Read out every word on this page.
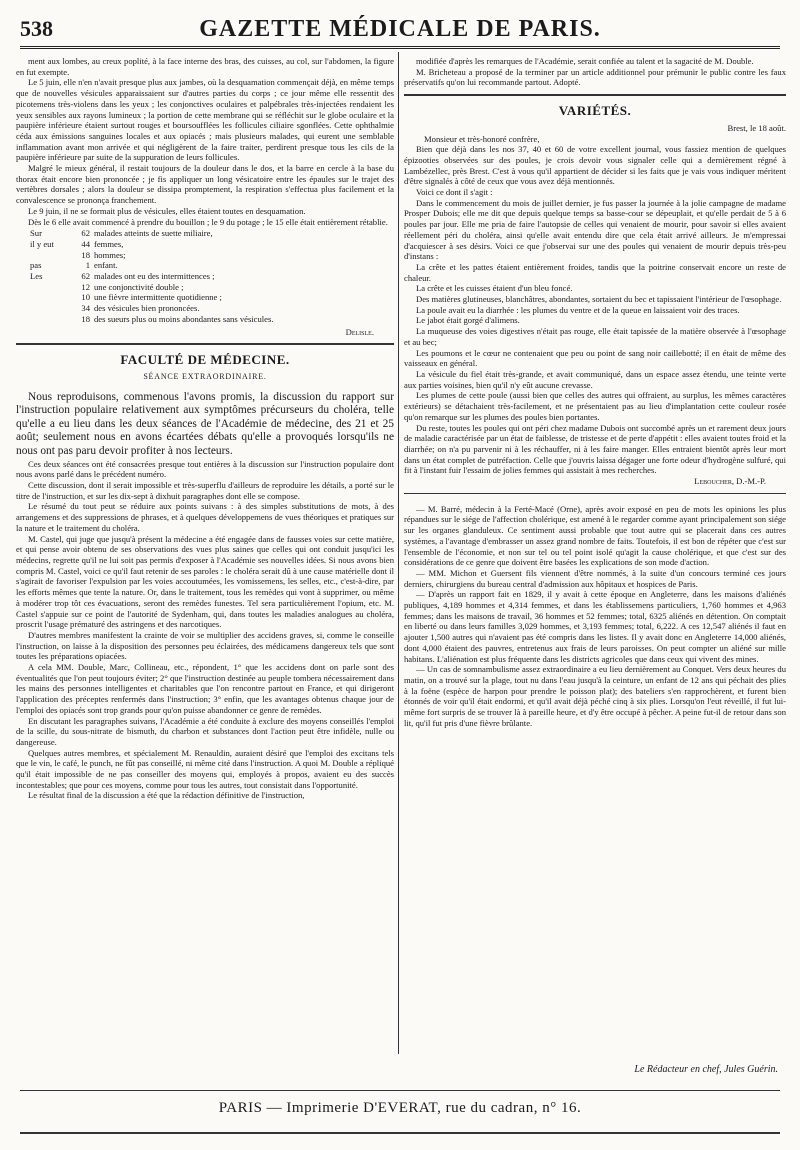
538	GAZETTE MÉDICALE DE PARIS.

ment aux lombes, au creux poplité, à la face interne des bras, des cuisses, au col, sur l'abdomen, la figure en fut exempte.

Le 5 juin, elle n'en n'avait presque plus aux jambes, où la desquamation commençait déjà, en même temps que de nouvelles vésicules apparaissaient sur d'autres parties du corps ; ce jour même elle ressentit des picotemens très-violens dans les yeux ; les conjonctives oculaires et palpébrales très-injectées rendaient les yeux sensibles aux rayons lumineux ; la portion de cette membrane qui se réfléchit sur le globe oculaire et la paupière inférieure étaient surtout rouges et boursoufflées les follicules ciliaire sgonflées. Cette ophthalmie céda aux émissions sanguines locales et aux opiacés ; mais plusieurs malades, qui eurent une semblable inflammation avant mon arrivée et qui négligèrent de la faire traiter, perdirent presque tous les cils de la paupière inférieure par suite de la suppuration de leurs follicules.

Malgré le mieux général, il restait toujours de la douleur dans le dos, et la barre en cercle à la base du thorax était encore bien prononcée ; je fis appliquer un long vésicatoire entre les épaules sur le trajet des vertèbres dorsales ; alors la douleur se dissipa promptement, la respiration s'effectua plus facilement et la convalescence se prononça franchement.

Le 9 juin, il ne se formait plus de vésicules, elles étaient toutes en desquamation.

Dès le 6 elle avait commencé à prendre du bouillon ; le 9 du potage ; le 15 elle était entièrement rétablie.

Sur	62	malades atteints de suette miliaire,
il y eut	44	femmes,
	18	hommes;
pas	1	enfant.
Les	62	malades ont eu des intermittences ;
	12	une conjonctivité double ;
	10	une fièvre intermittente quotidienne ;
	34	des vésicules bien prononcées.
	18	des sueurs plus ou moins abondantes sans vésicules.
Delisle.
FACULTÉ DE MÉDECINE.
SÉANCE EXTRAORDINAIRE.

Nous reproduisons, commenous l'avons promis, la discussion du rapport sur l'instruction populaire relativement aux symptômes précurseurs du choléra, telle qu'elle a eu lieu dans les deux séances de l'Académie de médecine, des 21 et 25 août; seulement nous en avons écartées débats qu'elle a provoqués lorsqu'ils ne nous ont pas paru devoir profiter à nos lecteurs.

Ces deux séances ont été consacrées presque tout entières à la discussion sur l'instruction populaire dont nous avons parlé dans le précédent numéro.

Cette discussion, dont il serait impossible et très-superflu d'ailleurs de reproduire les détails, a porté sur le titre de l'instruction, et sur les dix-sept à dixhuit paragraphes dont elle se compose.

Le résumé du tout peut se réduire aux points suivans : à des simples substitutions de mots, à des arrangemens et des suppressions de phrases, et à quelques développemens de vues théoriques et pratiques sur la nature et le traitement du choléra.

M. Castel, qui juge que jusqu'à présent la médecine a été engagée dans de fausses voies sur cette matière, et qui pense avoir obtenu de ses observations des vues plus saines que celles qui ont conduit jusqu'ici les médecins, regrette qu'il ne lui soit pas permis d'exposer à l'Académie ses nouvelles idées. Si nous avons bien compris M. Castel, voici ce qu'il faut retenir de ses paroles : le choléra serait dû à une cause matérielle dont il s'agirait de favoriser l'expulsion par les voies accoutumées, les vomissemens, les selles, etc., c'est-à-dire, par les efforts mêmes que tente la nature. Or, dans le traitement, tous les remèdes qui vont à supprimer, ou même à modérer trop tôt ces évacuations, seront des remèdes funestes. Tel sera particulièrement l'opium, etc. M. Castel s'appuie sur ce point de l'autorité de Sydenham, qui, dans toutes les maladies analogues au choléra, proscrit l'usage prématuré des astringens et des narcotiques.

D'autres membres manifestent la crainte de voir se multiplier des accidens graves, si, comme le conseille l'instruction, on laisse à la disposition des personnes peu éclairées, des médicamens dangereux tels que sont toutes les préparations opiacées.

A cela MM. Double, Marc, Collineau, etc., répondent, 1° que les accidens dont on parle sont des éventualités que l'on peut toujours éviter; 2° que l'instruction destinée au peuple tombera nécessairement dans les mains des personnes intelligentes et charitables que l'on rencontre partout en France, et qui dirigeront l'application des préceptes renfermés dans l'instruction; 3° enfin, que les avantages obtenus chaque jour de l'emploi des opiacés sont trop grands pour qu'on puisse abandonner ce genre de remèdes.

En discutant les paragraphes suivans, l'Académie a été conduite à exclure des moyens conseillés l'emploi de la scille, du sous-nitrate de bismuth, du charbon et substances dont l'action peut être infidèle, nulle ou dangereuse.

Quelques autres membres, et spécialement M. Renauldin, auraient désiré que l'emploi des excitans tels que le vin, le café, le punch, ne fût pas conseillé, ni même cité dans l'instruction. A quoi M. Double a répliqué qu'il était impossible de ne pas conseiller des moyens qui, employés à propos, avaient eu des succès incontestables; que pour ces moyens, comme pour tous les autres, tout consistait dans l'opportunité.

Le résultat final de la discussion a été que la rédaction définitive de l'instruction,

modifiée d'après les remarques de l'Académie, serait confiée au talent et la sagacité de M. Double.

M. Bricheteau a proposé de la terminer par un article additionnel pour prémunir le public contre les faux préservatifs qu'on lui recommande partout. Adopté.

VARIÉTÉS.
Brest, le 18 août.

Monsieur et très-honoré confrère,

Bien que déjà dans les nos 37, 40 et 60 de votre excellent journal, vous fassiez mention de quelques épizooties observées sur des poules, je crois devoir vous signaler celle qui a dernièrement régné à Lambézellec, près Brest. C'est à vous qu'il appartient de décider si les faits que je vais vous indiquer méritent d'être signalés à côté de ceux que vous avez déjà mentionnés.

Voici ce dont il s'agit :

Dans le commencement du mois de juillet dernier, je fus passer la journée à la jolie campagne de madame Prosper Dubois; elle me dit que depuis quelque temps sa basse-cour se dépeuplait, et qu'elle perdait de 5 à 6 poules par jour. Elle me pria de faire l'autopsie de celles qui venaient de mourir, pour savoir si elles avaient réellement péri du choléra, ainsi qu'elle avait entendu dire que cela était arrivé ailleurs. Je m'empressai d'acquiescer à ses désirs. Voici ce que j'observai sur une des poules qui venaient de mourir depuis très-peu d'instans :

La crête et les pattes étaient entièrement froides, tandis que la poitrine conservait encore un reste de chaleur.

La crête et les cuisses étaient d'un bleu foncé.

Des matières glutineuses, blanchâtres, abondantes, sortaient du bec et tapissaient l'intérieur de l'œsophage.

La poule avait eu la diarrhée : les plumes du ventre et de la queue en laissaient voir des traces.

Le jabot était gorgé d'alimens.

La muqueuse des voies digestives n'était pas rouge, elle était tapissée de la matière observée à l'œsophage et au bec;

Les poumons et le cœur ne contenaient que peu ou point de sang noir caillebotté; il en était de même des vaisseaux en général.

La vésicule du fiel était très-grande, et avait communiqué, dans un espace assez étendu, une teinte verte aux parties voisines, bien qu'il n'y eût aucune crevasse.

Les plumes de cette poule (aussi bien que celles des autres qui offraient, au surplus, les mêmes caractères extérieurs) se détachaient très-facilement, et ne présentaient pas au lieu d'implantation cette couleur rosée qu'on remarque sur les plumes des poules bien portantes.

Du reste, toutes les poules qui ont péri chez madame Dubois ont succombé après un et rarement deux jours de maladie caractérisée par un état de faiblesse, de tristesse et de perte d'appétit : elles avaient toutes froid et la diarrhée; on n'a pu parvenir ni à les réchauffer, ni à les faire manger. Elles entraient bientôt après leur mort dans un état complet de putréfaction. Celle que j'ouvris laissa dégager une forte odeur d'hydrogène sulfuré, qui fit à l'instant fuir l'essaim de jolies femmes qui assistait à mes recherches.

Leboucher, D.-M.-P.

— M. Barré, médecin à la Ferté-Macé (Orne), après avoir exposé en peu de mots les opinions les plus répandues sur le siége de l'affection cholérique, est amené à le regarder comme ayant principalement son siége sur les organes glanduleux. Ce sentiment aussi probable que tout autre qui se placerait dans ces autres systèmes, a l'avantage d'embrasser un assez grand nombre de faits. Toutefois, il est bon de répéter que c'est sur l'ensemble de l'économie, et non sur tel ou tel point isolé qu'agit la cause cholérique, et que c'est sur des considérations de ce genre que doivent être basées les explications de son mode d'action.

— MM. Michon et Guersent fils viennent d'être nommés, à la suite d'un concours terminé ces jours derniers, chirurgiens du bureau central d'admission aux hôpitaux et hospices de Paris.

— D'après un rapport fait en 1829, il y avait à cette époque en Angleterre, dans les maisons d'aliénés publiques, 4,189 hommes et 4,314 femmes, et dans les établissemens particuliers, 1,760 hommes et 4,963 femmes; dans les maisons de travail, 36 hommes et 52 femmes; total, 6325 aliénés en détention. On comptait en liberté ou dans leurs familles 3,029 hommes, et 3,193 femmes; total, 6,222. A ces 12,547 aliénés il faut en ajouter 1,500 autres qui n'avaient pas été compris dans les listes. Il y avait donc en Angleterre 14,000 aliénés, dont 4,000 étaient des pauvres, entretenus aux frais de leurs paroisses. On peut compter un aliéné sur mille habitans. L'aliénation est plus fréquente dans les districts agricoles que dans ceux qui vivent des mines.

— Un cas de somnambulisme assez extraordinaire a eu lieu dernièrement au Conquet. Vers deux heures du matin, on a trouvé sur la plage, tout nu dans l'eau jusqu'à la ceinture, un enfant de 12 ans qui péchait des plies à la foëne (espèce de harpon pour prendre le poisson plat); des bateliers s'en rapprochèrent, et furent bien étonnés de voir qu'il était endormi, et qu'il avait déjà péché cinq à six plies. Lorsqu'on l'eut réveillé, il fut lui-même fort surpris de se trouver là à pareille heure, et d'y être occupé à pêcher. A peine fut-il de retour dans son lit, qu'il fut pris d'une fièvre brûlante.

Le Rédacteur en chef, Jules Guérin.
PARIS — Imprimerie D'EVERAT, rue du cadran, n° 16.
